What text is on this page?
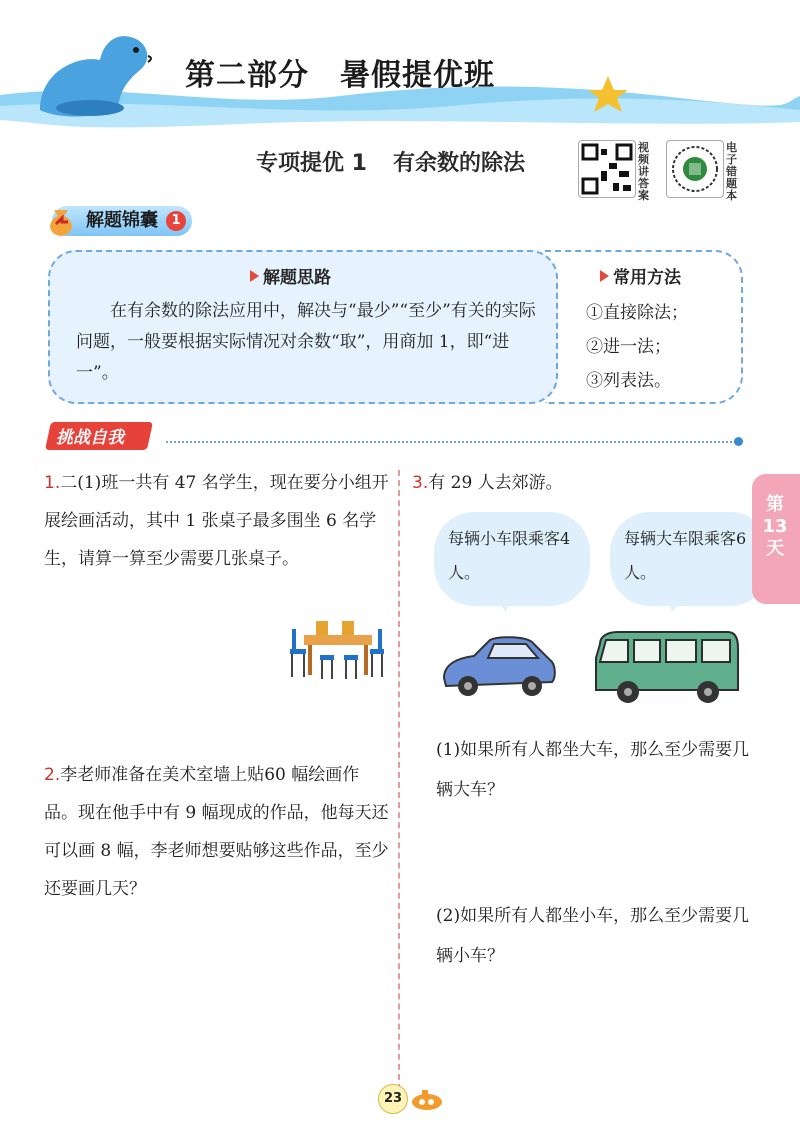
第二部分　暑假提优班
专项提优 1 有余数的除法
视频讲答案
电子错题本
解题锦囊	1
解题思路
　　在有余数的除法应用中，解决与“最少”“至少”有关的实际问题，一般要根据实际情况对余数“取”，用商加 1，即“进一”。
常用方法
①直接除法；
②进一法；
③列表法。
挑战自我
1.二(1)班一共有 47 名学生，现在要分小组开展绘画活动，其中 1 张桌子最多围坐 6 名学生，请算一算至少需要几张桌子。
2.李老师准备在美术室墙上贴60 幅绘画作品。现在他手中有 9 幅现成的作品，他每天还可以画 8 幅，李老师想要贴够这些作品，至少还要画几天？
3.有 29 人去郊游。
每辆小车限乘客4人。
每辆大车限乘客6人。
(1)如果所有人都坐大车，那么至少需要几辆大车？
(2)如果所有人都坐小车，那么至少需要几辆小车？
第13天
23
